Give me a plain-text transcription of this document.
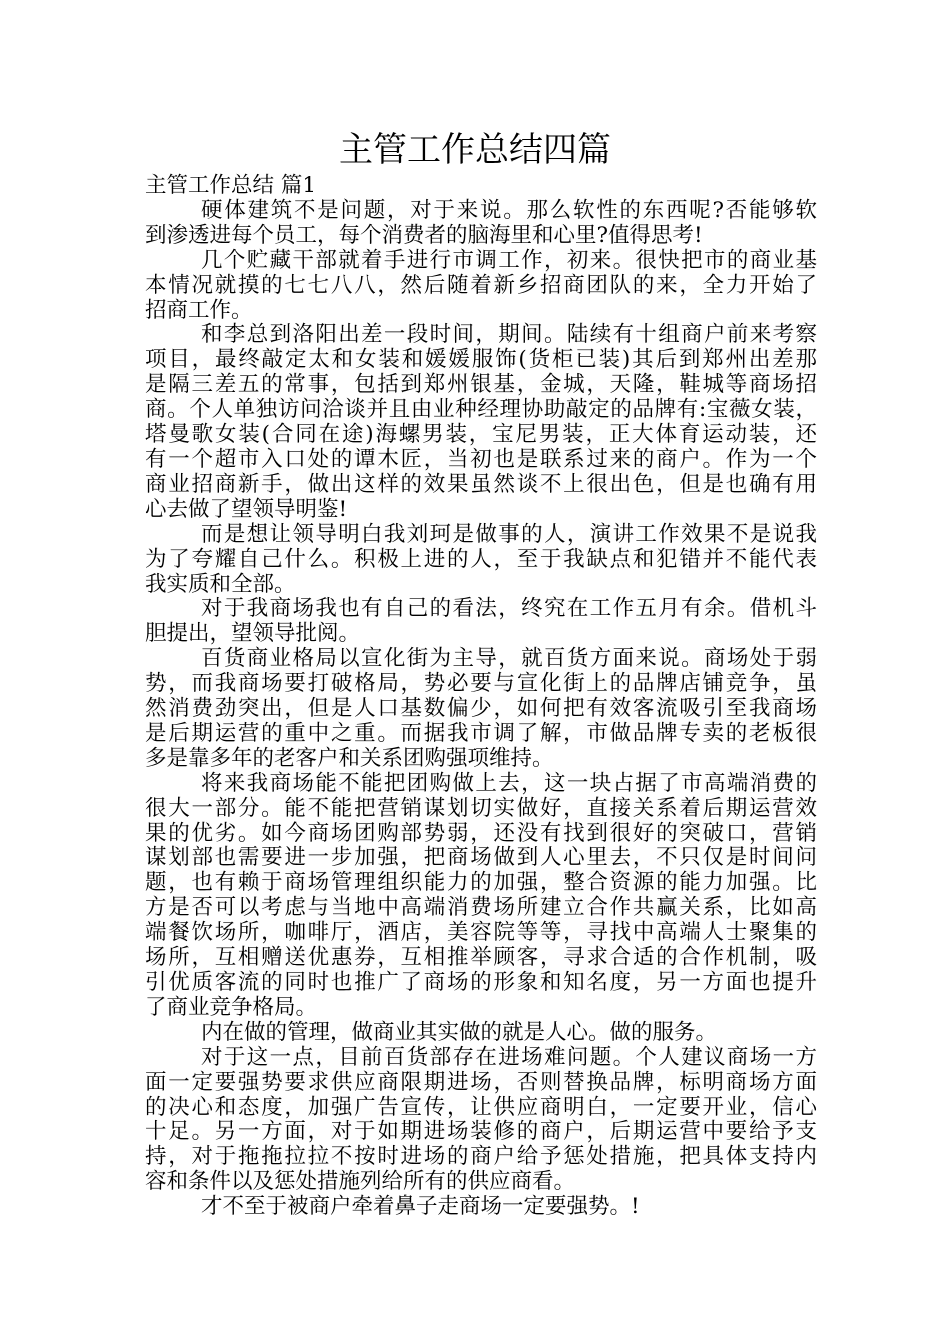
主管工作总结四篇
主管工作总结 篇1
硬体建筑不是问题，对于来说。那么软性的东西呢?否能够软
到渗透进每个员工，每个消费者的脑海里和心里?值得思考!
几个贮藏干部就着手进行市调工作，初来。很快把市的商业基
本情况就摸的七七八八，然后随着新乡招商团队的来，全力开始了
招商工作。
和李总到洛阳出差一段时间，期间。陆续有十组商户前来考察
项目，最终敲定太和女装和媛媛服饰(货柜已装)其后到郑州出差那
是隔三差五的常事，包括到郑州银基，金城，天隆，鞋城等商场招
商。个人单独访问洽谈并且由业种经理协助敲定的品牌有:宝薇女装，
塔曼歌女装(合同在途)海螺男装，宝尼男装，正大体育运动装，还
有一个超市入口处的谭木匠，当初也是联系过来的商户。作为一个
商业招商新手，做出这样的效果虽然谈不上很出色，但是也确有用
心去做了望领导明鉴!
而是想让领导明白我刘珂是做事的人，演讲工作效果不是说我
为了夸耀自己什么。积极上进的人，至于我缺点和犯错并不能代表
我实质和全部。
对于我商场我也有自己的看法，终究在工作五月有余。借机斗
胆提出，望领导批阅。
百货商业格局以宣化街为主导，就百货方面来说。商场处于弱
势，而我商场要打破格局，势必要与宣化街上的品牌店铺竞争，虽
然消费劲突出，但是人口基数偏少，如何把有效客流吸引至我商场
是后期运营的重中之重。而据我市调了解，市做品牌专卖的老板很
多是靠多年的老客户和关系团购强项维持。
将来我商场能不能把团购做上去，这一块占据了市高端消费的
很大一部分。能不能把营销谋划切实做好，直接关系着后期运营效
果的优劣。如今商场团购部势弱，还没有找到很好的突破口，营销
谋划部也需要进一步加强，把商场做到人心里去，不只仅是时间问
题，也有赖于商场管理组织能力的加强，整合资源的能力加强。比
方是否可以考虑与当地中高端消费场所建立合作共赢关系，比如高
端餐饮场所，咖啡厅，酒店，美容院等等，寻找中高端人士聚集的
场所，互相赠送优惠券，互相推举顾客，寻求合适的合作机制，吸
引优质客流的同时也推广了商场的形象和知名度，另一方面也提升
了商业竞争格局。
内在做的管理，做商业其实做的就是人心。做的服务。
对于这一点，目前百货部存在进场难问题。个人建议商场一方
面一定要强势要求供应商限期进场，否则替换品牌，标明商场方面
的决心和态度，加强广告宣传，让供应商明白，一定要开业，信心
十足。另一方面，对于如期进场装修的商户，后期运营中要给予支
持，对于拖拖拉拉不按时进场的商户给予惩处措施，把具体支持内
容和条件以及惩处措施列给所有的供应商看。
才不至于被商户牵着鼻子走商场一定要强势。!
